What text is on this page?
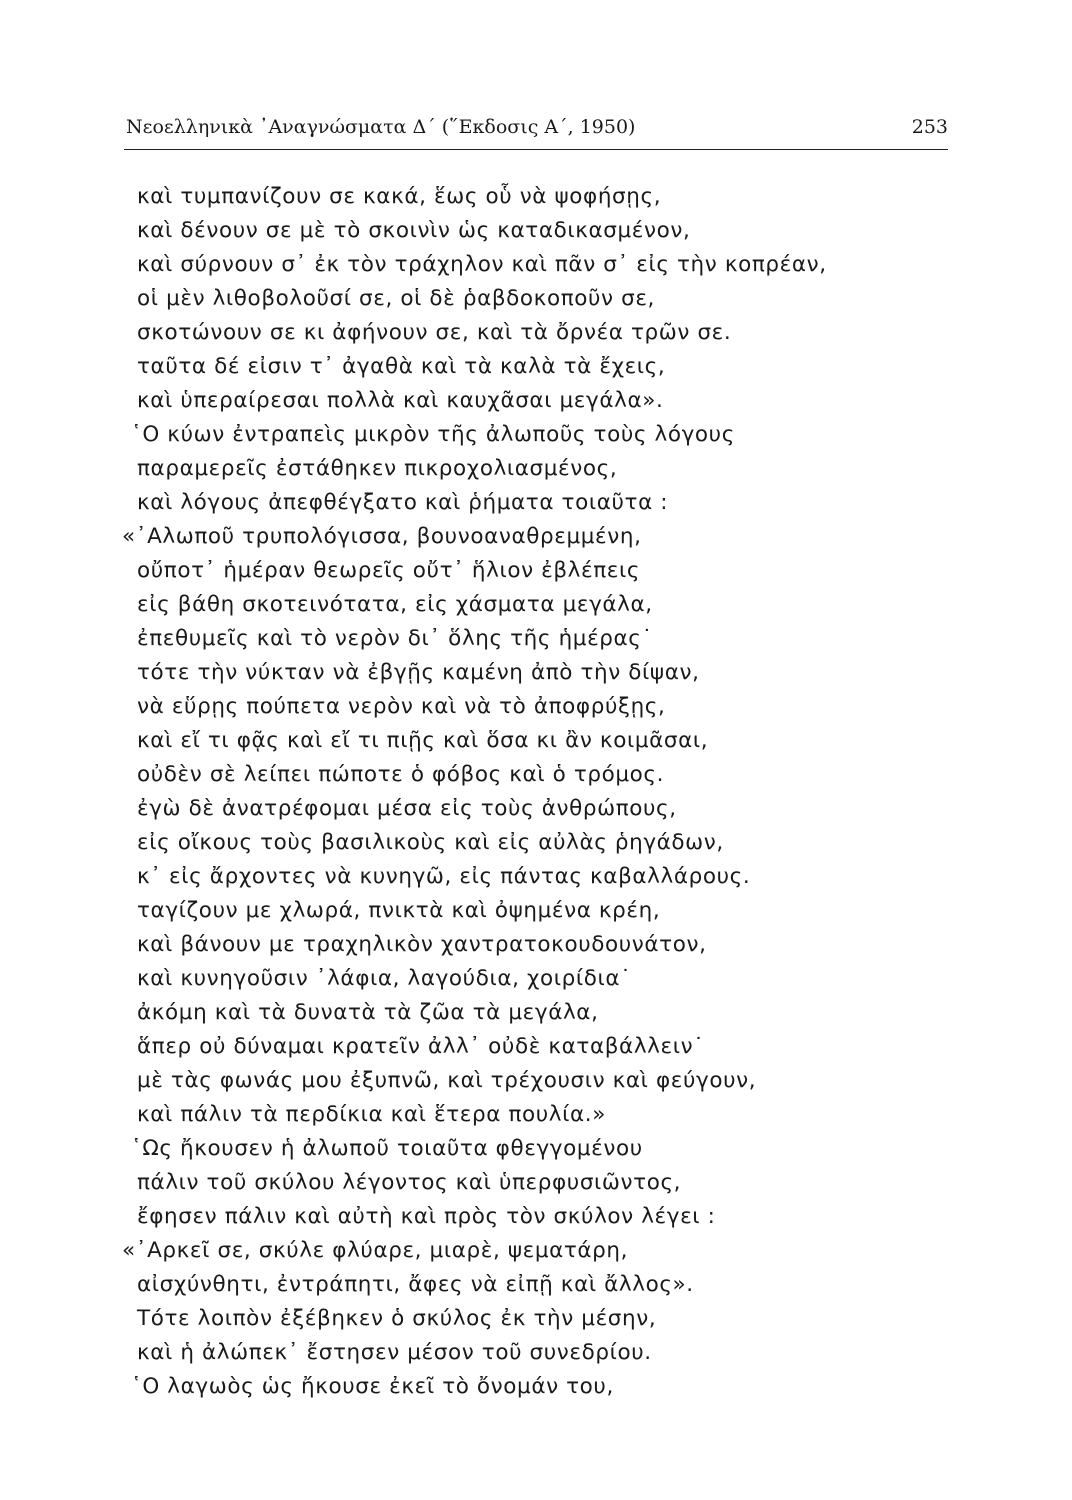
Νεοελληνικὰ ᾽Αναγνώσματα Δ΄ (῞Εκδοσις Α΄, 1950)	253
καὶ τυμπανίζουν σε κακά, ἕως οὗ νὰ ψοφήσῃς,
καὶ δένουν σε μὲ τὸ σκοινὶν ὡς καταδικασμένον,
καὶ σύρνουν σ᾽ ἐκ τὸν τράχηλον καὶ πᾶν σ᾽ εἰς τὴν κοπρέαν,
οἱ μὲν λιθοβολοῦσί σε, οἱ δὲ ῥαβδοκοποῦν σε,
σκοτώνουν σε κι ἀφήνουν σε, καὶ τὰ ὄρνέα τρῶν σε.
ταῦτα δέ εἰσιν τ᾽ ἀγαθὰ καὶ τὰ καλὰ τὰ ἔχεις,
καὶ ὑπεραίρεσαι πολλὰ καὶ καυχᾶσαι μεγάλα».
῾Ο κύων ἐντραπεὶς μικρὸν τῆς ἀλωποῦς τοὺς λόγους
παραμερεῖς ἐστάθηκεν πικροχολιασμένος,
καὶ λόγους ἀπεφθέγξατο καὶ ῥήματα τοιαῦτα :
«᾽Αλωποῦ τρυπολόγισσα, βουνοαναθρεμμένη,
οὔποτ᾽ ἡμέραν θεωρεῖς οὔτ᾽ ἥλιον ἐβλέπεις
εἰς βάθη σκοτεινότατα, εἰς χάσματα μεγάλα,
ἐπεθυμεῖς καὶ τὸ νερὸν δι᾽ ὅλης τῆς ἡμέρας˙
τότε τὴν νύκταν νὰ ἐβγῇς καμένη ἀπὸ τὴν δίψαν,
νὰ εὕρῃς πούπετα νερὸν καὶ νὰ τὸ ἀποφρύξῃς,
καὶ εἴ τι φᾷς καὶ εἴ τι πιῇς καὶ ὅσα κι ἂν κοιμᾶσαι,
οὐδὲν σὲ λείπει πώποτε ὁ φόβος καὶ ὁ τρόμος.
ἐγὼ δὲ ἀνατρέφομαι μέσα εἰς τοὺς ἀνθρώπους,
εἰς οἴκους τοὺς βασιλικοὺς καὶ εἰς αὐλὰς ῥηγάδων,
κ᾽ εἰς ἄρχοντες νὰ κυνηγῶ, εἰς πάντας καβαλλάρους.
ταγίζουν με χλωρά, πνικτὰ καὶ ὀψημένα κρέη,
καὶ βάνουν με τραχηλικὸν χαντρατοκουδουνάτον,
καὶ κυνηγοῦσιν ᾽λάφια, λαγούδια, χοιρίδια˙
ἀκόμη καὶ τὰ δυνατὰ τὰ ζῶα τὰ μεγάλα,
ἅπερ οὐ δύναμαι κρατεῖν ἀλλ᾽ οὐδὲ καταβάλλειν˙
μὲ τὰς φωνάς μου ἐξυπνῶ, καὶ τρέχουσιν καὶ φεύγουν,
καὶ πάλιν τὰ περδίκια καὶ ἕτερα πουλία.»
῾Ως ἤκουσεν ἡ ἀλωποῦ τοιαῦτα φθεγγομένου
πάλιν τοῦ σκύλου λέγοντος καὶ ὑπερφυσιῶντος,
ἔφησεν πάλιν καὶ αὐτὴ καὶ πρὸς τὸν σκύλον λέγει :
«᾽Αρκεῖ σε, σκύλε φλύαρε, μιαρὲ, ψεματάρη,
αἰσχύνθητι, ἐντράπητι, ἄφες νὰ εἰπῇ καὶ ἄλλος».
Τότε λοιπὸν ἐξέβηκεν ὁ σκύλος ἐκ τὴν μέσην,
καὶ ἡ ἀλώπεκ᾽ ἔστησεν μέσον τοῦ συνεδρίου.
῾Ο λαγωὸς ὡς ἤκουσε ἐκεῖ τὸ ὄνομάν του,
